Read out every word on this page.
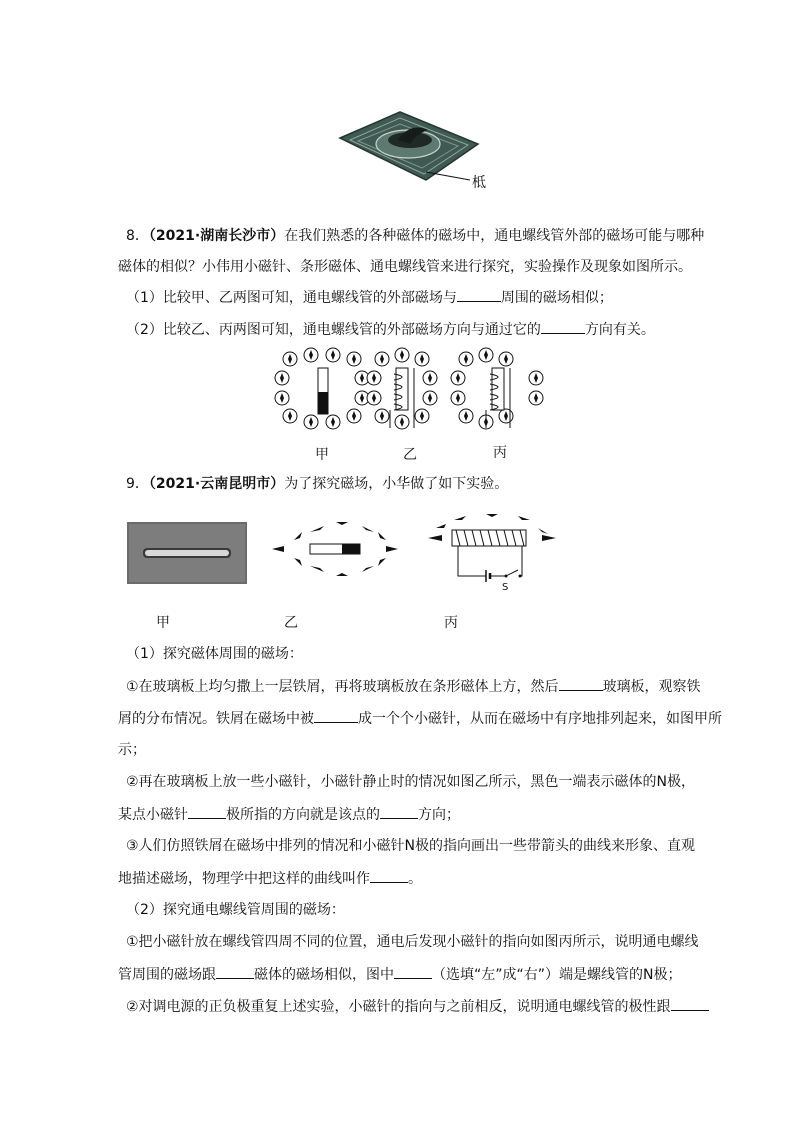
柢
8．（2021·湖南长沙市）在我们熟悉的各种磁体的磁场中，通电螺线管外部的磁场可能与哪种
磁体的相似？小伟用小磁针、条形磁体、通电螺线管来进行探究，实验操作及现象如图所示。
（1）比较甲、乙两图可知，通电螺线管的外部磁场与	周围的磁场相似；
（2）比较乙、丙两图可知，通电螺线管的外部磁场方向与通过它的	方向有关。
甲	乙	丙
9．（2021·云南昆明市）为了探究磁场，小华做了如下实验。
S
甲	乙	丙
（1）探究磁体周围的磁场：
①在玻璃板上均匀撒上一层铁屑，再将玻璃板放在条形磁体上方，然后	玻璃板，观察铁
屑的分布情况。铁屑在磁场中被	成一个个小磁针，从而在磁场中有序地排列起来，如图甲所
示；
②再在玻璃板上放一些小磁针，小磁针静止时的情况如图乙所示，黑色一端表示磁体的N极，
某点小磁针	极所指的方向就是该点的	方向；
③人们仿照铁屑在磁场中排列的情况和小磁针N极的指向画出一些带箭头的曲线来形象、直观
地描述磁场，物理学中把这样的曲线叫作	。
（2）探究通电螺线管周围的磁场：
①把小磁针放在螺线管四周不同的位置，通电后发现小磁针的指向如图丙所示，说明通电螺线
管周围的磁场跟	磁体的磁场相似，图中	（选填“左”成“右”）端是螺线管的N极；
②对调电源的正负极重复上述实验，小磁针的指向与之前相反，说明通电螺线管的极性跟
